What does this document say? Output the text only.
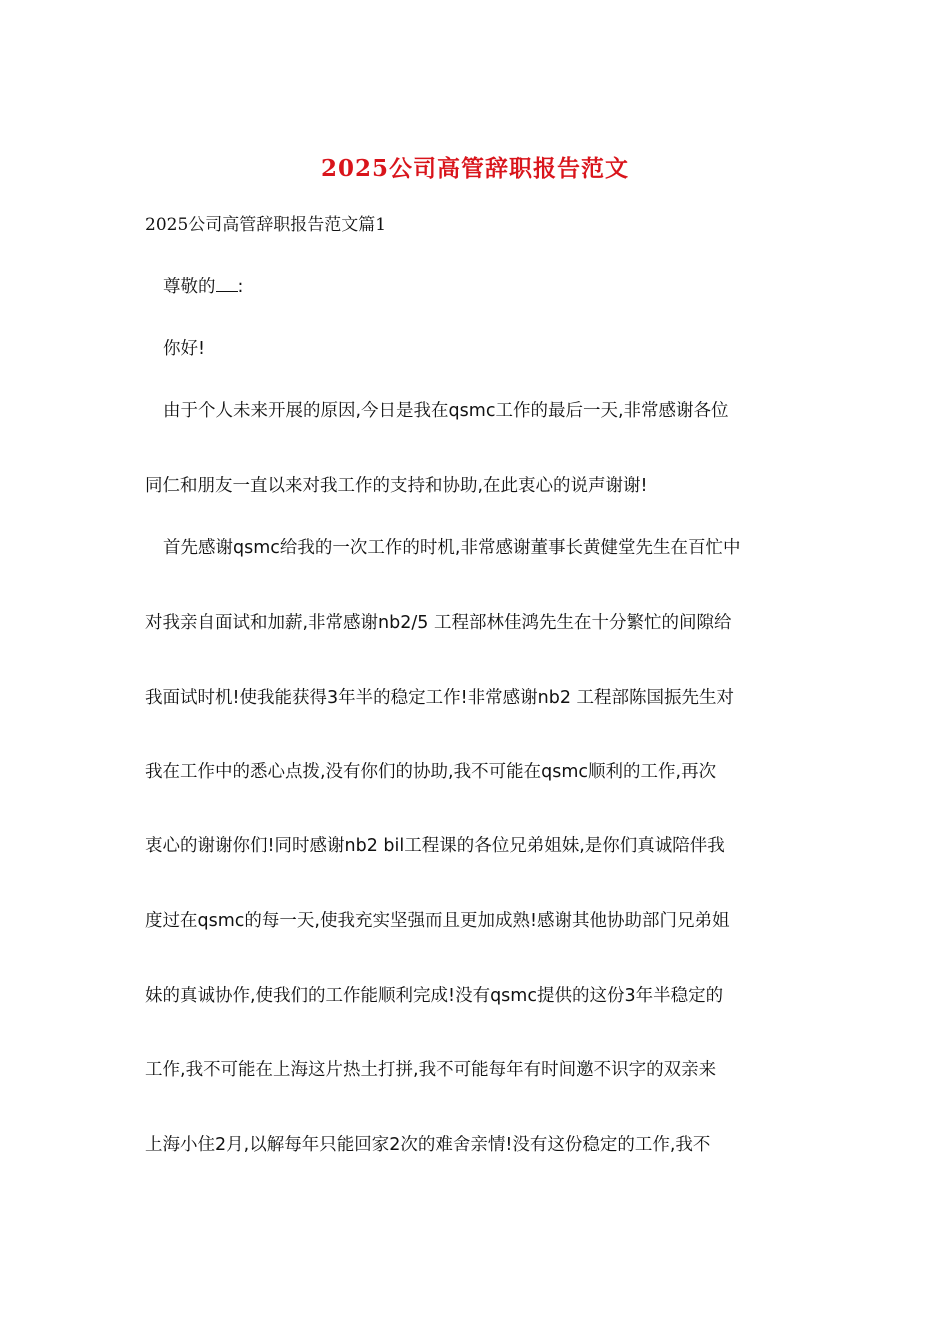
2025公司高管辞职报告范文

2025公司高管辞职报告范文篇1

尊敬的 :

你好!

由于个人未来开展的原因,今日是我在qsmc工作的最后一天,非常感谢各位

同仁和朋友一直以来对我工作的支持和协助,在此衷心的说声谢谢!

首先感谢qsmc给我的一次工作的时机,非常感谢董事长黄健堂先生在百忙中

对我亲自面试和加薪,非常感谢nb2/5 工程部林佳鸿先生在十分繁忙的间隙给

我面试时机!使我能获得3年半的稳定工作!非常感谢nb2 工程部陈国振先生对

我在工作中的悉心点拨,没有你们的协助,我不可能在qsmc顺利的工作,再次

衷心的谢谢你们!同时感谢nb2 bil工程课的各位兄弟姐妹,是你们真诚陪伴我

度过在qsmc的每一天,使我充实坚强而且更加成熟!感谢其他协助部门兄弟姐

妹的真诚协作,使我们的工作能顺利完成!没有qsmc提供的这份3年半稳定的

工作,我不可能在上海这片热土打拼,我不可能每年有时间邀不识字的双亲来

上海小住2月,以解每年只能回家2次的难舍亲情!没有这份稳定的工作,我不
